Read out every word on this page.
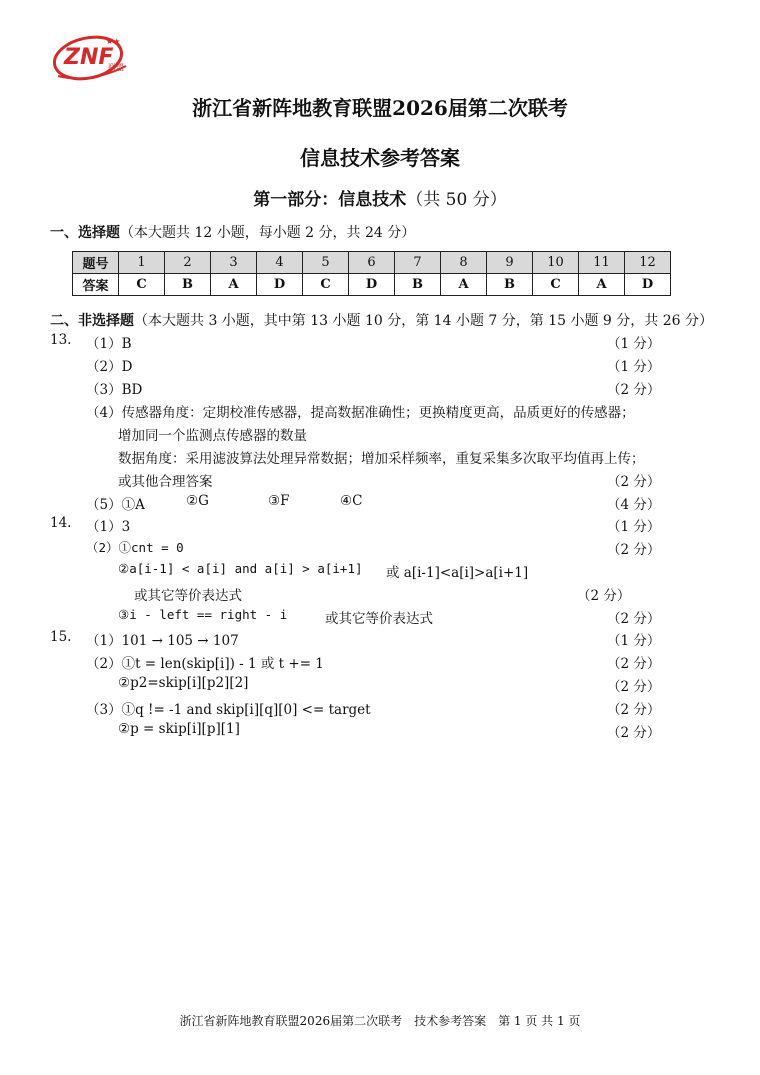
ZNF
联盟
★★
浙江省新阵地教育联盟2026届第二次联考
信息技术参考答案
第一部分：信息技术（共 50 分）
一、选择题（本大题共 12 小题，每小题 2 分，共 24 分）
题号	1	2	3	4	5	6	7	8	9	10	11	12
答案	C	B	A	D	C	D	B	A	B	C	A	D
二、非选择题（本大题共 3 小题，其中第 13 小题 10 分，第 14 小题 7 分，第 15 小题 9 分，共 26 分）
13. （1）B	（1 分）
（2）D	（1 分）
（3）BD	（2 分）
（4）传感器角度：定期校准传感器，提高数据准确性；更换精度更高，品质更好的传感器；
增加同一个监测点传感器的数量
数据角度：采用滤波算法处理异常数据；增加采样频率，重复采集多次取平均值再上传；
或其他合理答案	（2 分）
（5）①A	②G	③F	④C	（4 分）
14. （1）3	（1 分）
（2）①cnt = 0	（2 分）
②a[i-1] < a[i] and a[i] > a[i+1] 或 a[i-1]<a[i]>a[i+1]
或其它等价表达式	（2 分）
③i - left == right - i	或其它等价表达式	（2 分）
15. （1）101 → 105 → 107	（1 分）
（2）①t = len(skip[i]) - 1 或 t += 1	（2 分）
②p2=skip[i][p2][2]	（2 分）
（3）①q != -1 and skip[i][q][0] <= target	（2 分）
②p = skip[i][p][1]	（2 分）
浙江省新阵地教育联盟2026届第二次联考　技术参考答案　第 1 页 共 1 页
